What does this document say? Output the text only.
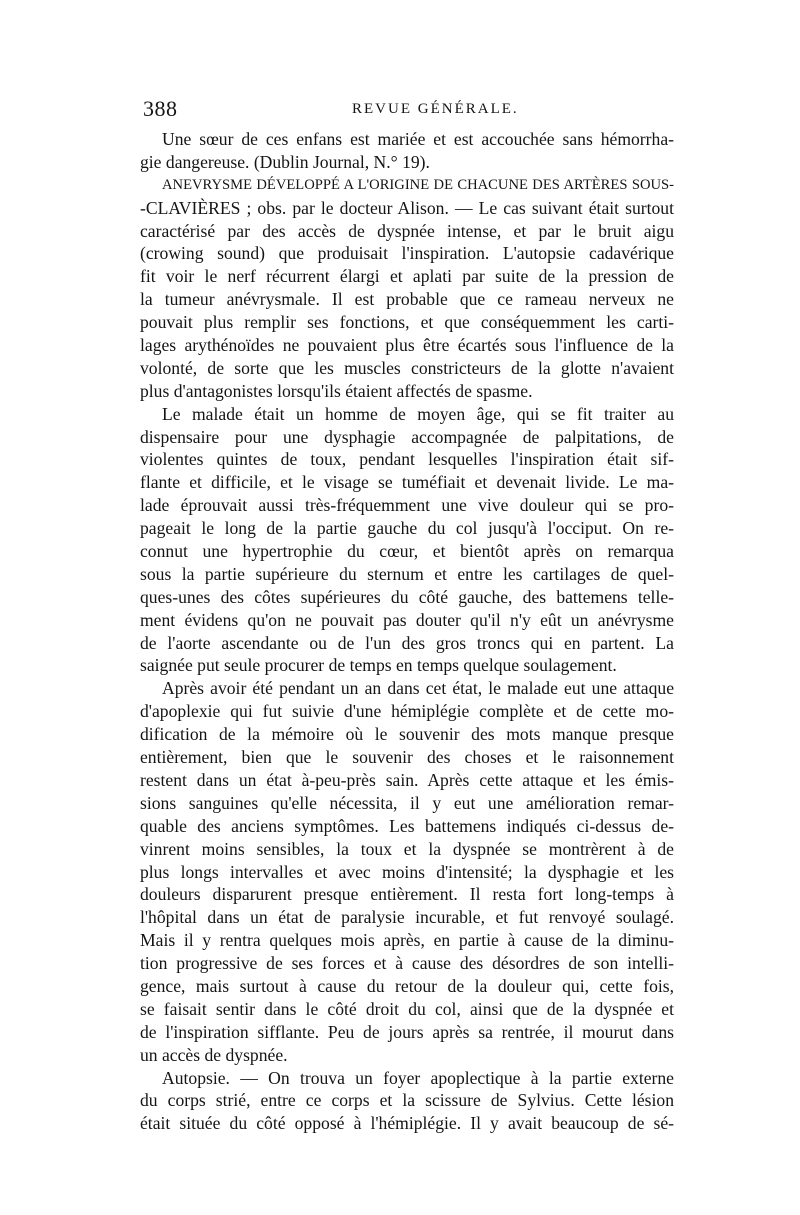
388	REVUE GÉNÉRALE.
Une sœur de ces enfans est mariée et est accouchée sans hémorrha-
gie dangereuse. (Dublin Journal, N.° 19).
ANEVRYSME DÉVELOPPÉ A L'ORIGINE DE CHACUNE DES ARTÈRES SOUS-
-CLAVIÈRES ; obs. par le docteur Alison. — Le cas suivant était surtout
caractérisé par des accès de dyspnée intense, et par le bruit aigu
(crowing sound) que produisait l'inspiration. L'autopsie cadavérique
fit voir le nerf récurrent élargi et aplati par suite de la pression de
la tumeur anévrysmale. Il est probable que ce rameau nerveux ne
pouvait plus remplir ses fonctions, et que conséquemment les carti-
lages arythénoïdes ne pouvaient plus être écartés sous l'influence de la
volonté, de sorte que les muscles constricteurs de la glotte n'avaient
plus d'antagonistes lorsqu'ils étaient affectés de spasme.
Le malade était un homme de moyen âge, qui se fit traiter au
dispensaire pour une dysphagie accompagnée de palpitations, de
violentes quintes de toux, pendant lesquelles l'inspiration était sif-
flante et difficile, et le visage se tuméfiait et devenait livide. Le ma-
lade éprouvait aussi très-fréquemment une vive douleur qui se pro-
pageait le long de la partie gauche du col jusqu'à l'occiput. On re-
connut une hypertrophie du cœur, et bientôt après on remarqua
sous la partie supérieure du sternum et entre les cartilages de quel-
ques-unes des côtes supérieures du côté gauche, des battemens telle-
ment évidens qu'on ne pouvait pas douter qu'il n'y eût un anévrysme
de l'aorte ascendante ou de l'un des gros troncs qui en partent. La
saignée put seule procurer de temps en temps quelque soulagement.
Après avoir été pendant un an dans cet état, le malade eut une attaque
d'apoplexie qui fut suivie d'une hémiplégie complète et de cette mo-
dification de la mémoire où le souvenir des mots manque presque
entièrement, bien que le souvenir des choses et le raisonnement
restent dans un état à-peu-près sain. Après cette attaque et les émis-
sions sanguines qu'elle nécessita, il y eut une amélioration remar-
quable des anciens symptômes. Les battemens indiqués ci-dessus de-
vinrent moins sensibles, la toux et la dyspnée se montrèrent à de
plus longs intervalles et avec moins d'intensité; la dysphagie et les
douleurs disparurent presque entièrement. Il resta fort long-temps à
l'hôpital dans un état de paralysie incurable, et fut renvoyé soulagé.
Mais il y rentra quelques mois après, en partie à cause de la diminu-
tion progressive de ses forces et à cause des désordres de son intelli-
gence, mais surtout à cause du retour de la douleur qui, cette fois,
se faisait sentir dans le côté droit du col, ainsi que de la dyspnée et
de l'inspiration sifflante. Peu de jours après sa rentrée, il mourut dans
un accès de dyspnée.
Autopsie. — On trouva un foyer apoplectique à la partie externe
du corps strié, entre ce corps et la scissure de Sylvius. Cette lésion
était située du côté opposé à l'hémiplégie. Il y avait beaucoup de sé-
